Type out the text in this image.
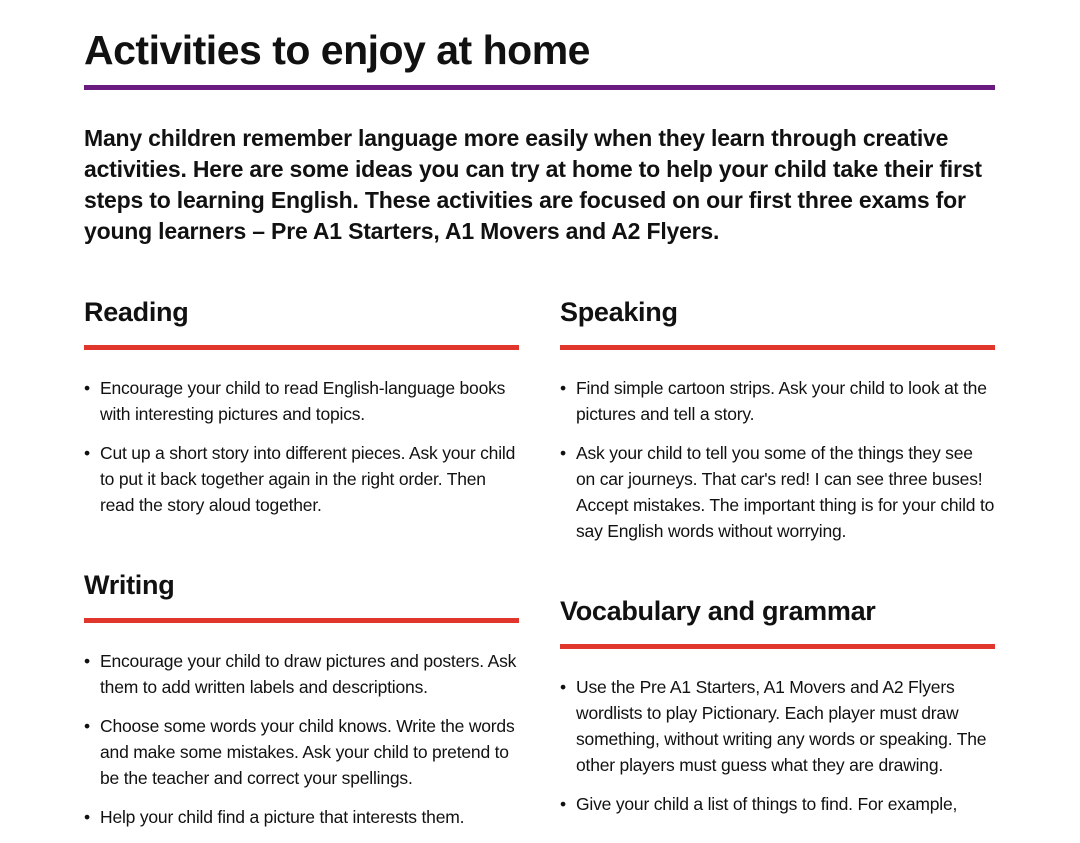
Activities to enjoy at home

Many children remember language more easily when they learn through creative activities. Here are some ideas you can try at home to help your child take their first steps to learning English. These activities are focused on our first three exams for young learners – Pre A1 Starters, A1 Movers and A2 Flyers.

Reading
• Encourage your child to read English-language books with interesting pictures and topics.
• Cut up a short story into different pieces. Ask your child to put it back together again in the right order. Then read the story aloud together.
Speaking
• Find simple cartoon strips. Ask your child to look at the pictures and tell a story.
• Ask your child to tell you some of the things they see on car journeys. That car's red! I can see three buses! Accept mistakes. The important thing is for your child to say English words without worrying.
Writing
• Encourage your child to draw pictures and posters. Ask them to add written labels and descriptions.
• Choose some words your child knows. Write the words and make some mistakes. Ask your child to pretend to be the teacher and correct your spellings.
• Help your child find a picture that interests them.
Vocabulary and grammar
• Use the Pre A1 Starters, A1 Movers and A2 Flyers wordlists to play Pictionary. Each player must draw something, without writing any words or speaking. The other players must guess what they are drawing.
• Give your child a list of things to find. For example,
